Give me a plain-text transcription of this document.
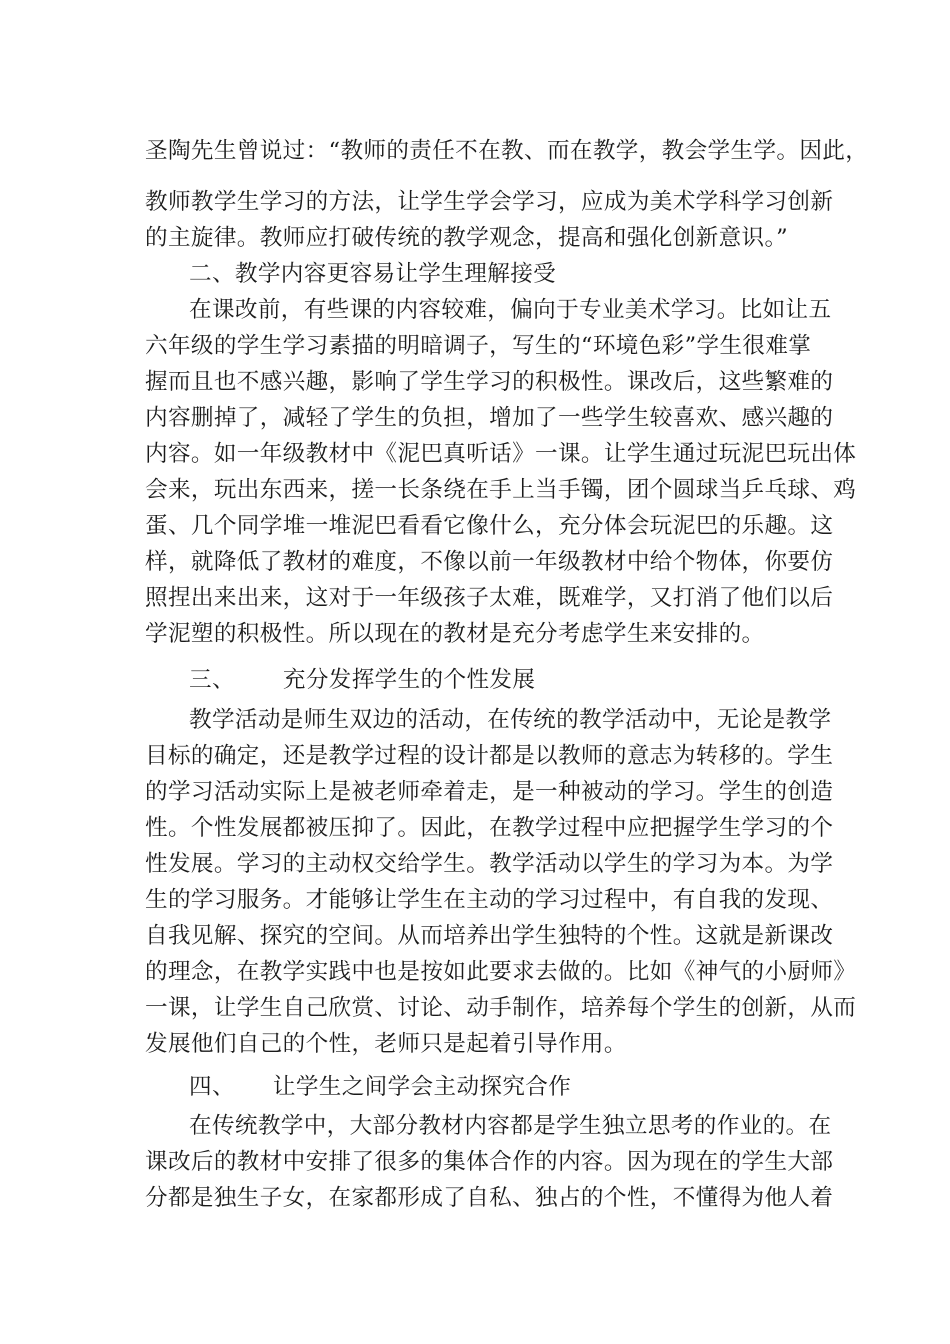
圣陶先生曾说过：“教师的责任不在教、而在教学，教会学生学。因此，
教师教学生学习的方法，让学生学会学习，应成为美术学科学习创新
的主旋律。教师应打破传统的教学观念，提高和强化创新意识。”
二、教学内容更容易让学生理解接受
在课改前，有些课的内容较难，偏向于专业美术学习。比如让五
六年级的学生学习素描的明暗调子，写生的“环境色彩”学生很难掌
握而且也不感兴趣，影响了学生学习的积极性。课改后，这些繁难的
内容删掉了，减轻了学生的负担，增加了一些学生较喜欢、感兴趣的
内容。如一年级教材中《泥巴真听话》一课。让学生通过玩泥巴玩出体
会来，玩出东西来，搓一长条绕在手上当手镯，团个圆球当乒乓球、鸡
蛋、几个同学堆一堆泥巴看看它像什么，充分体会玩泥巴的乐趣。这
样，就降低了教材的难度，不像以前一年级教材中给个物体，你要仿
照捏出来出来，这对于一年级孩子太难，既难学，又打消了他们以后
学泥塑的积极性。所以现在的教材是充分考虑学生来安排的。
三、 充分发挥学生的个性发展
教学活动是师生双边的活动，在传统的教学活动中，无论是教学
目标的确定，还是教学过程的设计都是以教师的意志为转移的。学生
的学习活动实际上是被老师牵着走，是一种被动的学习。学生的创造
性。个性发展都被压抑了。因此，在教学过程中应把握学生学习的个
性发展。学习的主动权交给学生。教学活动以学生的学习为本。为学
生的学习服务。才能够让学生在主动的学习过程中，有自我的发现、
自我见解、探究的空间。从而培养出学生独特的个性。这就是新课改
的理念，在教学实践中也是按如此要求去做的。比如《神气的小厨师》
一课，让学生自己欣赏、讨论、动手制作，培养每个学生的创新，从而
发展他们自己的个性，老师只是起着引导作用。
四、 让学生之间学会主动探究合作
在传统教学中，大部分教材内容都是学生独立思考的作业的。在
课改后的教材中安排了很多的集体合作的内容。因为现在的学生大部
分都是独生子女，在家都形成了自私、独占的个性，不懂得为他人着
